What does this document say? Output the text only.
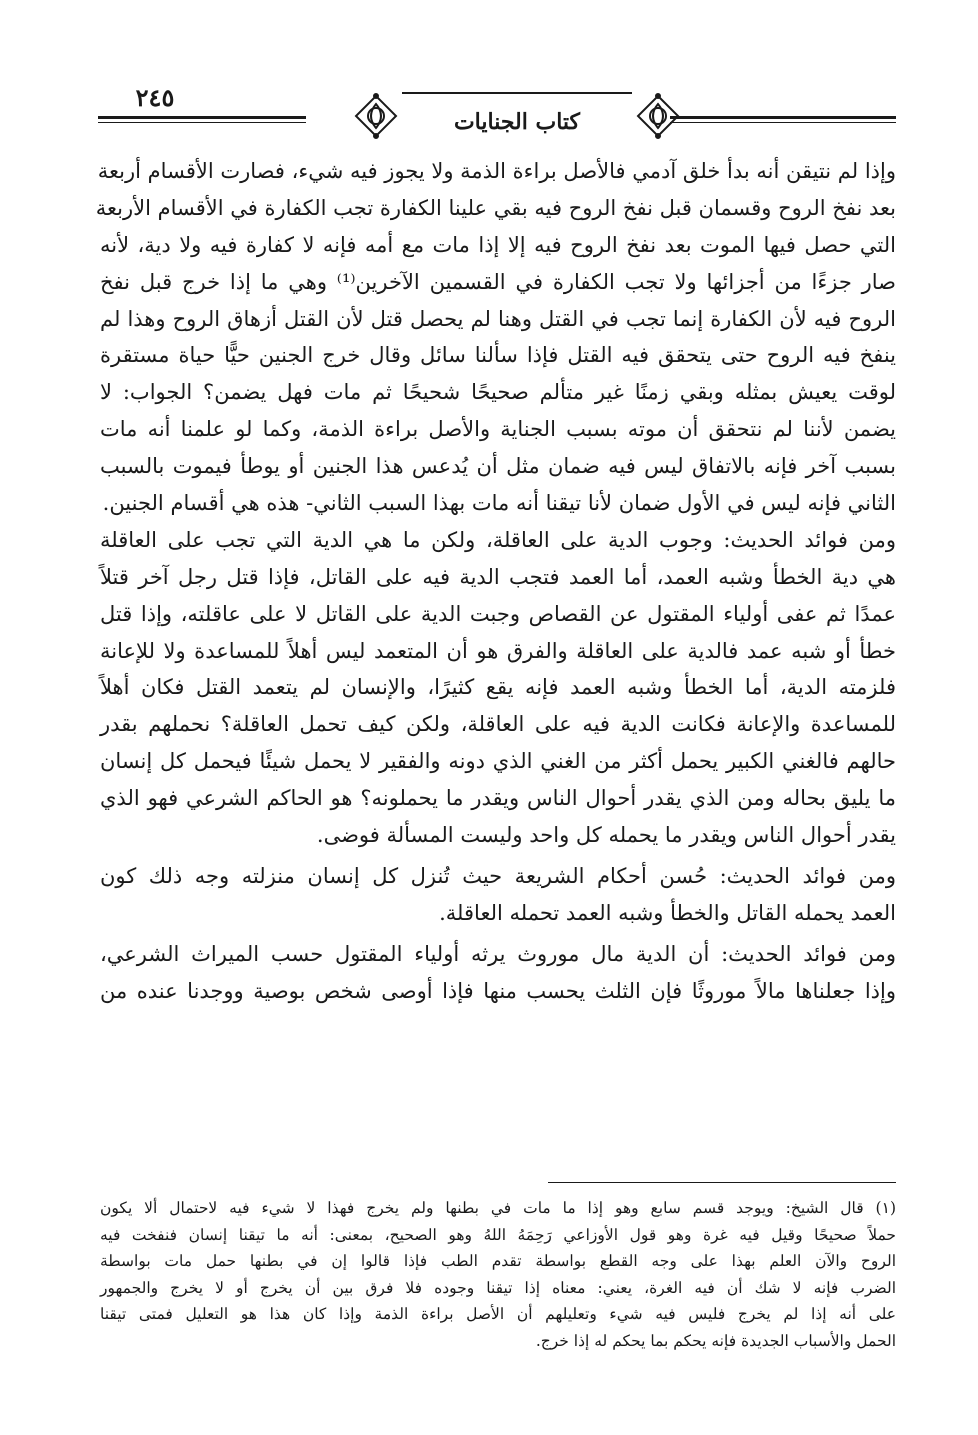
٢٤٥
كتاب الجنايات
وإذا لم نتيقن أنه بدأ خلق آدمي فالأصل براءة الذمة ولا يجوز فيه شيء، فصارت الأقسام أربعة
بعد نفخ الروح وقسمان قبل نفخ الروح فيه بقي علينا الكفارة تجب الكفارة في الأقسام الأربعة
التي حصل فيها الموت بعد نفخ الروح فيه إلا إذا مات مع أمه فإنه لا كفارة فيه ولا دية، لأنه
صار جزءًا من أجزائها ولا تجب الكفارة في القسمين الآخرين⁽¹⁾ وهي ما إذا خرج قبل نفخ
الروح فيه لأن الكفارة إنما تجب في القتل وهنا لم يحصل قتل لأن القتل أزهاق الروح وهذا لم
ينفخ فيه الروح حتى يتحقق فيه القتل فإذا سألنا سائل وقال خرج الجنين حيًّا حياة مستقرة
لوقت يعيش بمثله وبقي زمنًا غير متألم صحيحًا شحيحًا ثم مات فهل يضمن؟ الجواب: لا
يضمن لأننا لم نتحقق أن موته بسبب الجناية والأصل براءة الذمة، وكما لو علمنا أنه مات
بسبب آخر فإنه بالاتفاق ليس فيه ضمان مثل أن يُدعس هذا الجنين أو يوطأ فيموت بالسبب
الثاني فإنه ليس في الأول ضمان لأنا تيقنا أنه مات بهذا السبب الثاني- هذه هي أقسام الجنين.
ومن فوائد الحديث: وجوب الدية على العاقلة، ولكن ما هي الدية التي تجب على العاقلة
هي دية الخطأ وشبه العمد، أما العمد فتجب الدية فيه على القاتل، فإذا قتل رجل آخر قتلاً
عمدًا ثم عفى أولياء المقتول عن القصاص وجبت الدية على القاتل لا على عاقلته، وإذا قتل
خطأ أو شبه عمد فالدية على العاقلة والفرق هو أن المتعمد ليس أهلاً للمساعدة ولا للإعانة
فلزمته الدية، أما الخطأ وشبه العمد فإنه يقع كثيرًا، والإنسان لم يتعمد القتل فكان أهلاً
للمساعدة والإعانة فكانت الدية فيه على العاقلة، ولكن كيف تحمل العاقلة؟ نحملهم بقدر
حالهم فالغني الكبير يحمل أكثر من الغني الذي دونه والفقير لا يحمل شيئًا فيحمل كل إنسان
ما يليق بحاله ومن الذي يقدر أحوال الناس ويقدر ما يحملونه؟ هو الحاكم الشرعي فهو الذي
يقدر أحوال الناس ويقدر ما يحمله كل واحد وليست المسألة فوضى.
ومن فوائد الحديث: حُسن أحكام الشريعة حيث تُنزل كل إنسان منزلته وجه ذلك كون
العمد يحمله القاتل والخطأ وشبه العمد تحمله العاقلة.
ومن فوائد الحديث: أن الدية مال موروث يرثه أولياء المقتول حسب الميراث الشرعي،
وإذا جعلناها مالاً موروثًا فإن الثلث يحسب منها فإذا أوصى شخص بوصية ووجدنا عنده من
(١) قال الشيخ: ويوجد قسم سابع وهو إذا ما مات في بطنها ولم يخرج فهذا لا شيء فيه لاحتمال ألا يكون
حملاً صحيحًا وقيل فيه غرة وهو قول الأوزاعي رَحِمَهُ اللهُ وهو الصحيح، بمعنى: أنه ما تيقنا إنسان فنفخت فيه
الروح والآن العلم بهذا على وجه القطع بواسطة تقدم الطب فإذا قالوا إن في بطنها حمل مات بواسطة
الضرب فإنه لا شك أن فيه الغرة، يعني: معناه إذا تيقنا وجوده فلا فرق بين أن يخرج أو لا يخرج والجمهور
على أنه إذا لم يخرج فليس فيه شيء وتعليلهم أن الأصل براءة الذمة وإذا كان هذا هو التعليل فمتى تيقنا
الحمل والأسباب الجديدة فإنه يحكم بما يحكم له إذا خرج.
